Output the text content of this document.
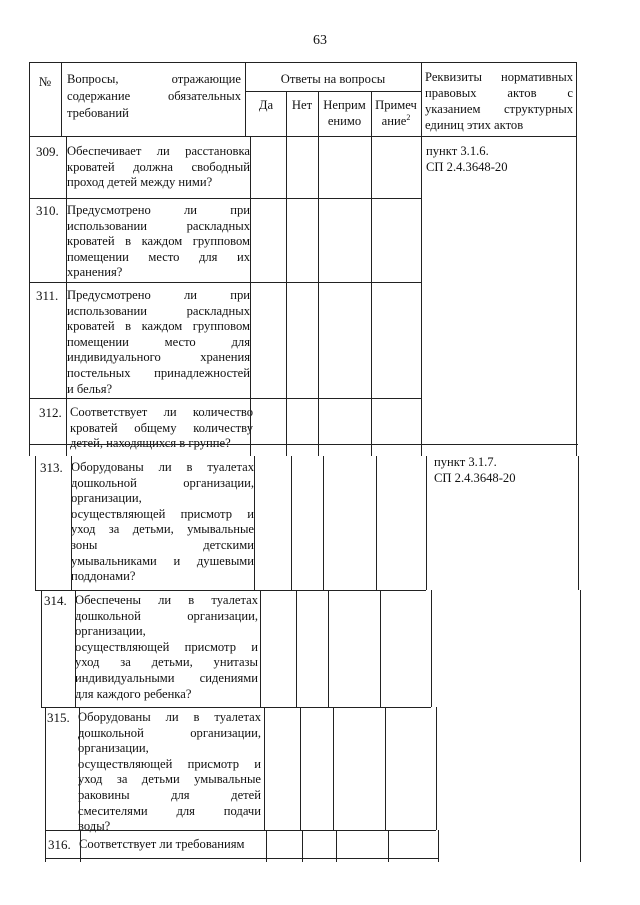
63
№	Вопросы, отражающие
содержание обязательных
требований
Ответы на вопросы
Да	Нет Неприм
енимо
Примеч
ание$^2$
Реквизиты нормативных
правовых актов с
указанием структурных
единиц этих актов
309. Обеспечивает ли расстановка
кроватей должна свободный
проход детей между ними?
310. Предусмотрено ли при
использовании раскладных
кроватей в каждом групповом
помещении место для их
хранения?
311. Предусмотрено ли при
использовании раскладных
кроватей в каждом групповом
помещении место для
индивидуального хранения
постельных принадлежностей
и белья?
312. Соответствует ли количество
кроватей общему количеству
детей, находящихся в группе?
313. Оборудованы ли в туалетах
дошкольной организации,
организации,
осуществляющей присмотр и
уход за детьми, умывальные
зоны детскими
умывальниками и душевыми
поддонами?
314. Обеспечены ли в туалетах
дошкольной организации,
организации,
осуществляющей присмотр и
уход за детьми, унитазы
индивидуальными сидениями
для каждого ребенка?
315. Оборудованы ли в туалетах
дошкольной организации,
организации,
осуществляющей присмотр и
уход за детьми умывальные
раковины для детей
смесителями для подачи
воды?
316. Соответствует ли требованиям
пункт 3.1.6.
СП 2.4.3648-20
пункт 3.1.7.
СП 2.4.3648-20
